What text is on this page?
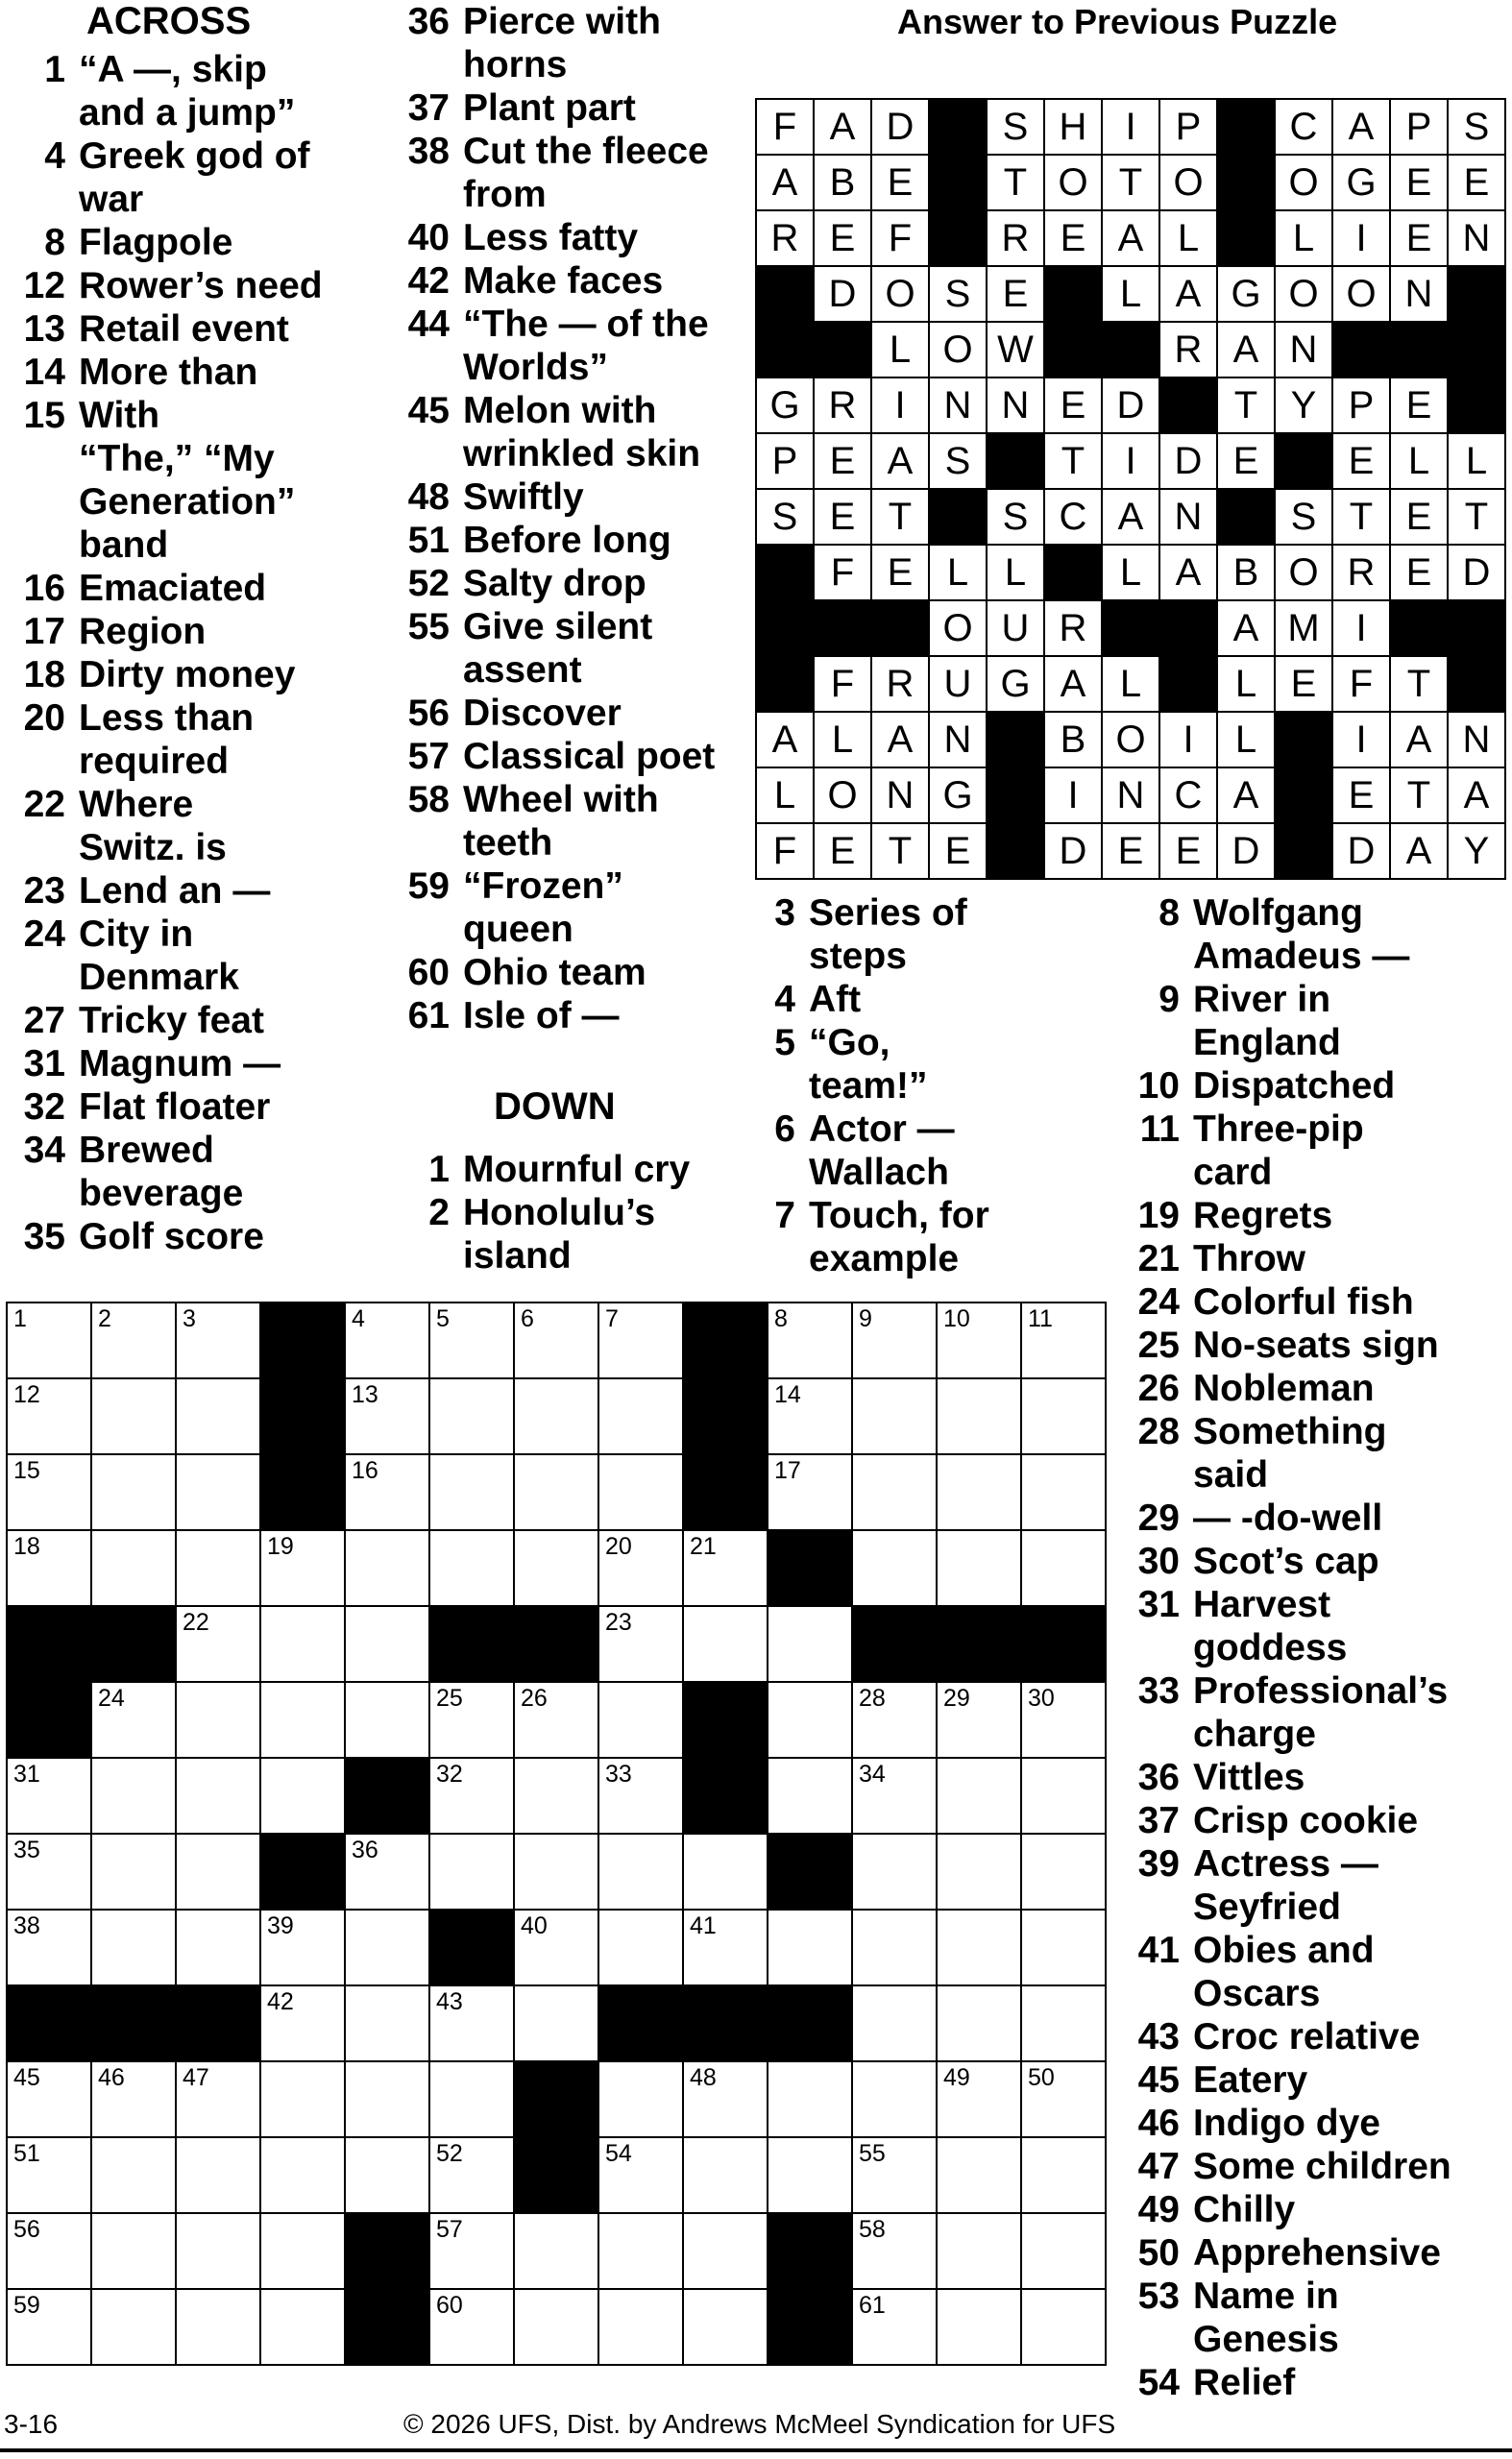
ACROSS
DOWN
Answer to Previous Puzzle
1 “A —, skip
and a jump”
4 Greek god of
war
8 Flagpole
12 Rower’s need
13 Retail event
14 More than
15 With
“The,” “My
Generation”
band
16 Emaciated
17 Region
18 Dirty money
20 Less than
required
22 Where
Switz. is
23 Lend an —
24 City in
Denmark
27 Tricky feat
31 Magnum —
32 Flat floater
34 Brewed
beverage
35 Golf score
36 Pierce with
horns
37 Plant part
38 Cut the fleece
from
40 Less fatty
42 Make faces
44 “The — of the
Worlds”
45 Melon with
wrinkled skin
48 Swiftly
51 Before long
52 Salty drop
55 Give silent
assent
56 Discover
57 Classical poet
58 Wheel with
teeth
59 “Frozen”
queen
60 Ohio team
61 Isle of —
1 Mournful cry
2 Honolulu’s
island
3 Series of
steps
4 Aft
5 “Go,
team!”
6 Actor —
Wallach
7 Touch, for
example
8 Wolfgang
Amadeus —
9 River in
England
10 Dispatched
11 Three-pip
card
19 Regrets
21 Throw
24 Colorful fish
25 No-seats sign
26 Nobleman
28 Something
said
29 — -do-well
30 Scot’s cap
31 Harvest
goddess
33 Professional’s
charge
36 Vittles
37 Crisp cookie
39 Actress —
Seyfried
41 Obies and
Oscars
43 Croc relative
45 Eatery
46 Indigo dye
47 Some children
49 Chilly
50 Apprehensive
53 Name in
Genesis
54 Relief
F	A	D		S	H	I	P		C	A	P	S
A	B	E		T	O	T	O		O	G	E	E
R	E	F		R	E	A	L		L	I	E	N
	D	O	S	E		L	A	G	O	O	N	
		L	O	W			R	A	N			
G	R	I	N	N	E	D		T	Y	P	E	
P	E	A	S		T	I	D	E		E	L	L
S	E	T		S	C	A	N		S	T	E	T
	F	E	L	L		L	A	B	O	R	E	D
			O	U	R			A	M	I		
	F	R	U	G	A	L		L	E	F	T	
A	L	A	N		B	O	I	L		I	A	N
L	O	N	G		I	N	C	A		E	T	A
F	E	T	E		D	E	E	D		D	A	Y
1	2	3		4	5	6	7		8	9	10	11

12				13					14			

15				16					17			

18			19				20	21				

		22					23					

	24				25	26				28	29	30

31					32		33			34		

35				36								

38			39			40		41				

			42		43							

45	46	47						48			49	50

51					52		54			55		

56					57					58		

59					60					61		

3-16	© 2026 UFS, Dist. by Andrews McMeel Syndication for UFS
